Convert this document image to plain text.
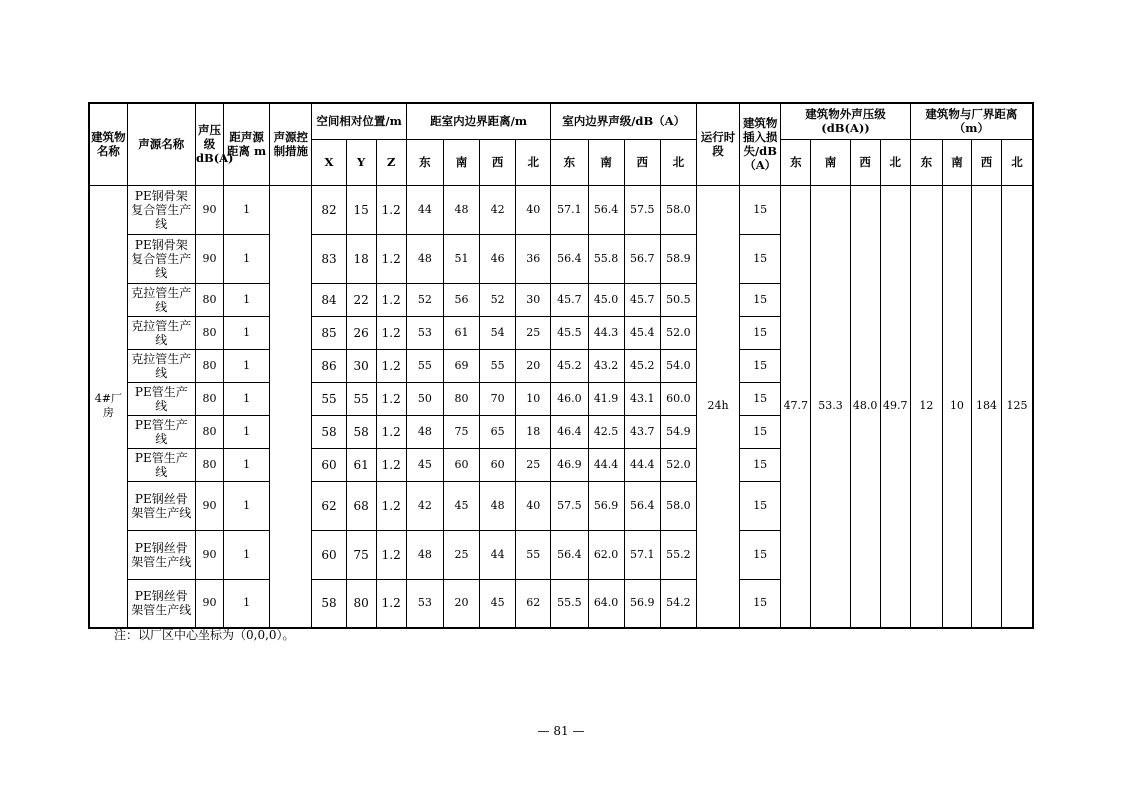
建筑物名称	声源名称	声压级dB(A)	距声源距离 m	声源控制措施	空间相对位置/m			距室内边界距离/m				室内边界声级/dB（A）				运行时段	建筑物插入损失/dB（A）	建筑物外声压级(dB(A))				建筑物与厂界距离（m）			
					X	Y	Z	东	南	西	北	东	南	西	北			东	南	西	北	东	南	西	北
4#厂房	PE钢骨架复合管生产线	90	1		82	15	1.2	44	48	42	40	57.1	56.4	57.5	58.0	24h	15	47.7	53.3	48.0	49.7	12	10	184	125
	PE钢骨架复合管生产线	90	1		83	18	1.2	48	51	46	36	56.4	55.8	56.7	58.9		15								
	克拉管生产线	80	1		84	22	1.2	52	56	52	30	45.7	45.0	45.7	50.5		15								
	克拉管生产线	80	1		85	26	1.2	53	61	54	25	45.5	44.3	45.4	52.0		15								
	克拉管生产线	80	1		86	30	1.2	55	69	55	20	45.2	43.2	45.2	54.0		15								
	PE管生产线	80	1		55	55	1.2	50	80	70	10	46.0	41.9	43.1	60.0		15								
	PE管生产线	80	1		58	58	1.2	48	75	65	18	46.4	42.5	43.7	54.9		15								
	PE管生产线	80	1		60	61	1.2	45	60	60	25	46.9	44.4	44.4	52.0		15								
	PE钢丝骨架管生产线	90	1		62	68	1.2	42	45	48	40	57.5	56.9	56.4	58.0		15								
	PE钢丝骨架管生产线	90	1		60	75	1.2	48	25	44	55	56.4	62.0	57.1	55.2		15								
	PE钢丝骨架管生产线	90	1		58	80	1.2	53	20	45	62	55.5	64.0	56.9	54.2		15								
注：以厂区中心坐标为（0,0,0）。
— 81 —
